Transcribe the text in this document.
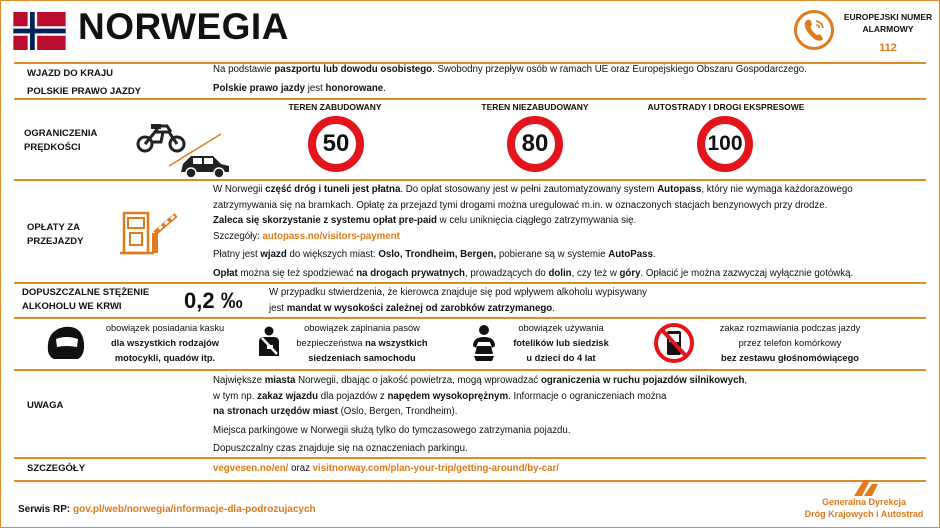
NORWEGIA	EUROPEJSKI NUMER
ALARMOWY
112
WJAZD DO KRAJU
POLSKIE PRAWO JAZDY
Na podstawie paszportu lub dowodu osobistego. Swobodny przepływ osób w ramach UE oraz Europejskiego Obszaru Gospodarczego.
Polskie prawo jazdy jest honorowane.
OGRANICZENIA
PRĘDKOŚCI
TEREN ZABUDOWANY
50
TEREN NIEZABUDOWANY
80
AUTOSTRADY I DROGI EKSPRESOWE
100
OPŁATY ZA
PRZEJAZDY
W Norwegii część dróg i tuneli jest płatna. Do opłat stosowany jest w pełni zautomatyzowany system Autopass, który nie wymaga każdorazowego
zatrzymywania się na bramkach. Opłatę za przejazd tymi drogami można uregulować m.in. w oznaczonych stacjach benzynowych przy drodze.
Zaleca się skorzystanie z systemu opłat pre-paid w celu uniknięcia ciągłego zatrzymywania się.
Szczegóły: autopass.no/visitors-payment
Płatny jest wjazd do większych miast: Oslo, Trondheim, Bergen, pobierane są w systemie AutoPass.
Opłat można się też spodziewać na drogach prywatnych, prowadzących do dolin, czy też w góry. Opłacić je można zazwyczaj wyłącznie gotówką.
DOPUSZCZALNE STĘŻENIE
ALKOHOLU WE KRWI	0,2 ‰	W przypadku stwierdzenia, że kierowca znajduje się pod wpływem alkoholu wypisywany
jest mandat w wysokości zależnej od zarobków zatrzymanego.
obowiązek posiadania kasku
dla wszystkich rodzajów
motocykli, quadów itp.
obowiązek zapinania pasów
bezpieczeństwa na wszystkich
siedzeniach samochodu
obowiązek używania
fotelików lub siedzisk
u dzieci do 4 lat
zakaz rozmawiania podczas jazdy
przez telefon komórkowy
bez zestawu głośnomówiącego
UWAGA
Największe miasta Norwegii, dbając o jakość powietrza, mogą wprowadzać ograniczenia w ruchu pojazdów silnikowych,
w tym np. zakaz wjazdu dla pojazdów z napędem wysokoprężnym. Informacje o ograniczeniach można
na stronach urzędów miast (Oslo, Bergen, Trondheim).
Miejsca parkingowe w Norwegii służą tylko do tymczasowego zatrzymania pojazdu.
Dopuszczalny czas znajduje się na oznaczeniach parkingu.
SZCZEGÓŁY	vegvesen.no/en/ oraz visitnorway.com/plan-your-trip/getting-around/by-car/
Serwis RP: gov.pl/web/norwegia/informacje-dla-podrozujacych
Generalna Dyrekcja
Dróg Krajowych i Autostrad
